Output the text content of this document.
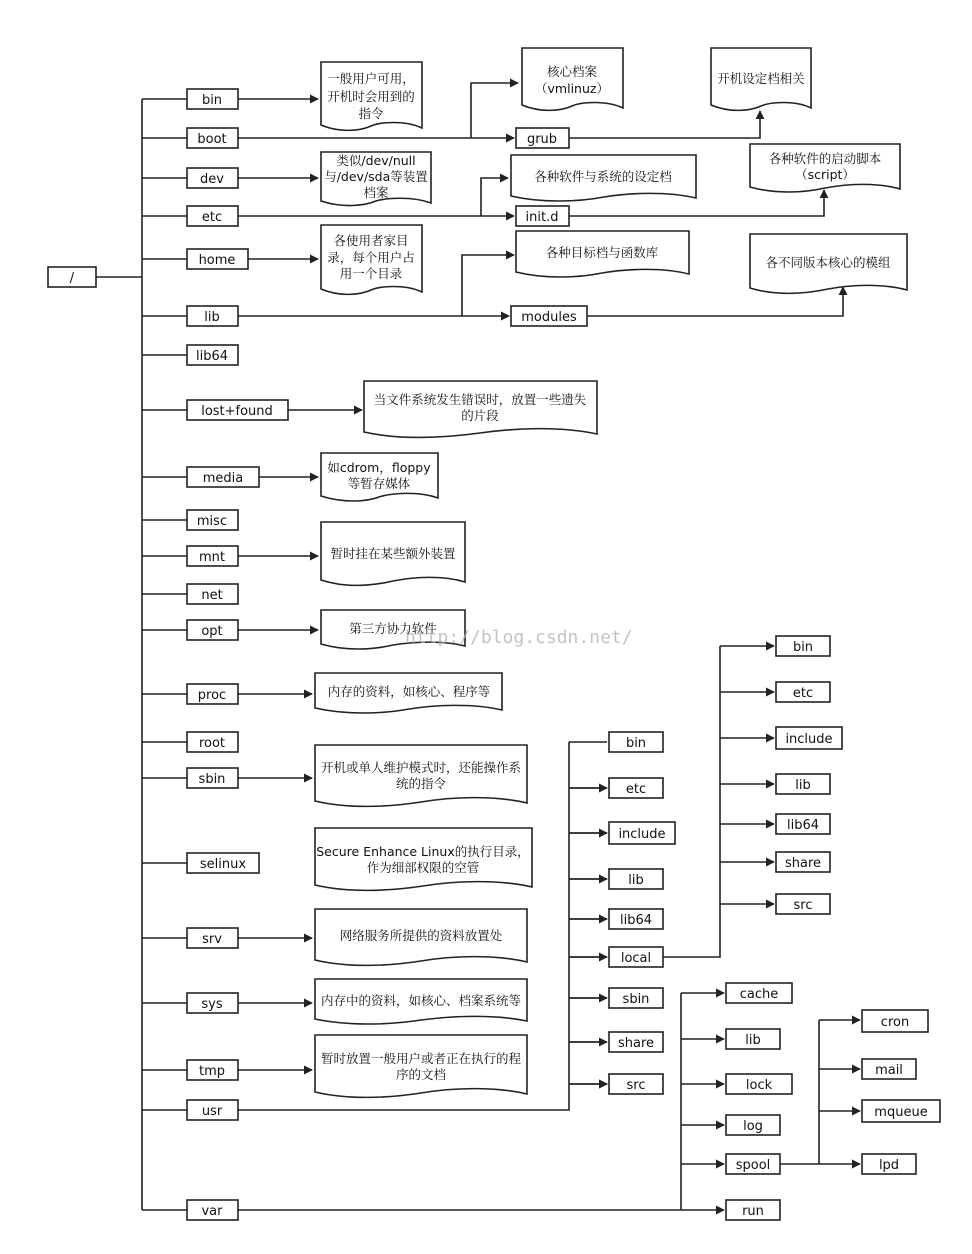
/
bin
boot
dev
etc
home
lib
lib64
lost+found
media
misc
mnt
net
opt
proc
root
sbin
selinux
srv
sys
tmp
usr
var
grub
init.d
modules
一般用户可用，
开机时会用到的
指令
核心档案
（vmlinuz）
开机设定档相关
类似/dev/null
与/dev/sda等装置
档案
各种软件与系统的设定档
各种软件的启动脚本
（script）
各使用者家目
录，每个用户占
用一个目录
各种目标档与函数库
各不同版本核心的模组
当文件系统发生错误时，放置一些遗失
的片段
如cdrom，floppy
等暂存媒体
暂时挂在某些额外装置
第三方协力软件
内存的资料，如核心、程序等
开机或单人维护模式时，还能操作系
统的指令
Secure Enhance Linux的执行目录，
作为细部权限的空管
网络服务所提供的资料放置处
内存中的资料，如核心、档案系统等
暂时放置一般用户或者正在执行的程
序的文档
bin
etc
include
lib
lib64
local
sbin
share
src
bin
etc
include
lib
lib64
share
src
cache
lib
lock
log
spool
run
cron
mail
mqueue
lpd
http://blog.csdn.net/
